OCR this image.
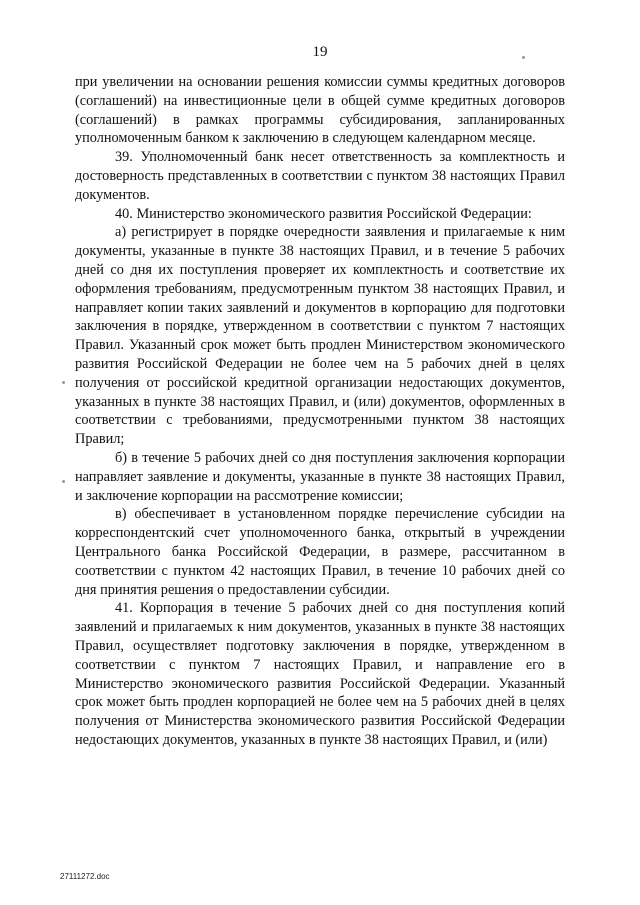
19

при увеличении на основании решения комиссии суммы кредитных договоров (соглашений) на инвестиционные цели в общей сумме кредитных договоров (соглашений) в рамках программы субсидирования, запланированных уполномоченным банком к заключению в следующем календарном месяце.

39. Уполномоченный банк несет ответственность за комплектность и достоверность представленных в соответствии с пунктом 38 настоящих Правил документов.

40. Министерство экономического развития Российской Федерации:

а) регистрирует в порядке очередности заявления и прилагаемые к ним документы, указанные в пункте 38 настоящих Правил, и в течение 5 рабочих дней со дня их поступления проверяет их комплектность и соответствие их оформления требованиям, предусмотренным пунктом 38 настоящих Правил, и направляет копии таких заявлений и документов в корпорацию для подготовки заключения в порядке, утвержденном в соответствии с пунктом 7 настоящих Правил. Указанный срок может быть продлен Министерством экономического развития Российской Федерации не более чем на 5 рабочих дней в целях получения от российской кредитной организации недостающих документов, указанных в пункте 38 настоящих Правил, и (или) документов, оформленных в соответствии с требованиями, предусмотренными пунктом 38 настоящих Правил;

б) в течение 5 рабочих дней со дня поступления заключения корпорации направляет заявление и документы, указанные в пункте 38 настоящих Правил, и заключение корпорации на рассмотрение комиссии;

в) обеспечивает в установленном порядке перечисление субсидии на корреспондентский счет уполномоченного банка, открытый в учреждении Центрального банка Российской Федерации, в размере, рассчитанном в соответствии с пунктом 42 настоящих Правил, в течение 10 рабочих дней со дня принятия решения о предоставлении субсидии.

41. Корпорация в течение 5 рабочих дней со дня поступления копий заявлений и прилагаемых к ним документов, указанных в пункте 38 настоящих Правил, осуществляет подготовку заключения в порядке, утвержденном в соответствии с пунктом 7 настоящих Правил, и направление его в Министерство экономического развития Российской Федерации. Указанный срок может быть продлен корпорацией не более чем на 5 рабочих дней в целях получения от Министерства экономического развития Российской Федерации недостающих документов, указанных в пункте 38 настоящих Правил, и (или)

27111272.doc
